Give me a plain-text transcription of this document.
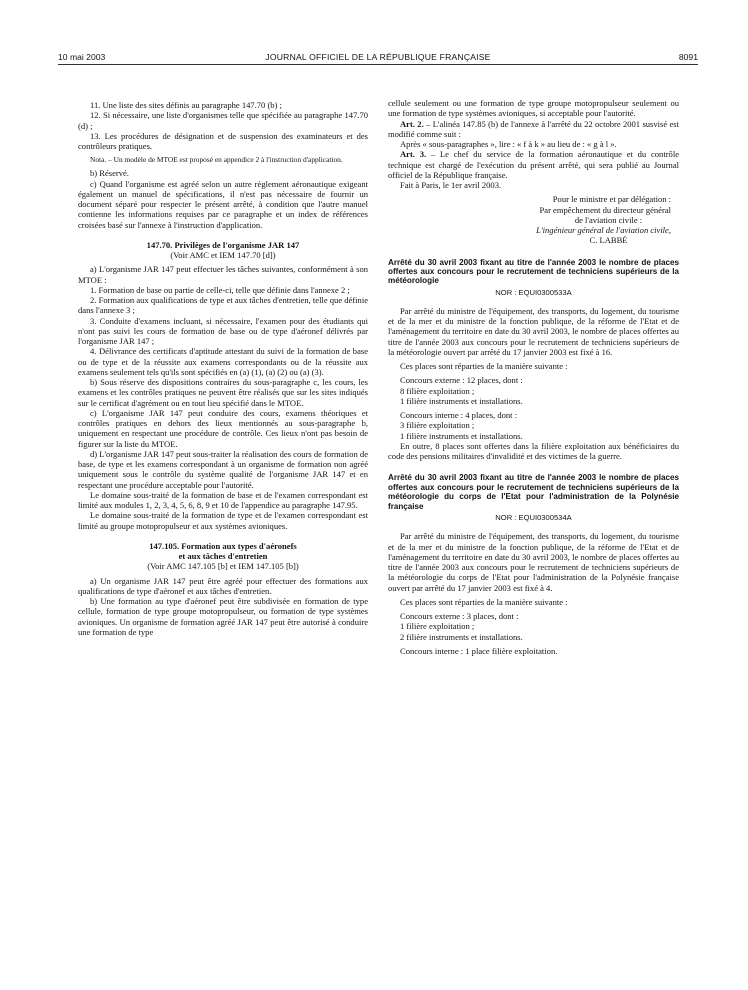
10 mai 2003	JOURNAL OFFICIEL DE LA RÉPUBLIQUE FRANÇAISE	8091

11. Une liste des sites définis au paragraphe 147.70 (b) ;

12. Si nécessaire, une liste d'organismes telle que spécifiée au paragraphe 147.70 (d) ;

13. Les procédures de désignation et de suspension des examinateurs et des contrôleurs pratiques.

Nota. – Un modèle de MTOE est proposé en appendice 2 à l'instruction d'application.

b) Réservé.

c) Quand l'organisme est agréé selon un autre règlement aéronautique exigeant également un manuel de spécifications, il n'est pas nécessaire de fournir un document séparé pour respecter le présent arrêté, à condition que l'autre manuel contienne les informations requises par ce paragraphe et un index de références croisées basé sur l'annexe à l'instruction d'application.

147.70. Privilèges de l'organisme JAR 147

(Voir AMC et IEM 147.70 [d])

a) L'organisme JAR 147 peut effectuer les tâches suivantes, conformément à son MTOE :

1. Formation de base ou partie de celle-ci, telle que définie dans l'annexe 2 ;

2. Formation aux qualifications de type et aux tâches d'entretien, telle que définie dans l'annexe 3 ;

3. Conduite d'examens incluant, si nécessaire, l'examen pour des étudiants qui n'ont pas suivi les cours de formation de base ou de type d'aéronef délivrés par l'organisme JAR 147 ;

4. Délivrance des certificats d'aptitude attestant du suivi de la formation de base ou de type et de la réussite aux examens correspondants ou de la réussite aux examens seulement tels qu'ils sont spécifiés en (a) (1), (a) (2) ou (a) (3).

b) Sous réserve des dispositions contraires du sous-paragraphe c, les cours, les examens et les contrôles pratiques ne peuvent être réalisés que sur les sites indiqués sur le certificat d'agrément ou en tout lieu spécifié dans le MTOE.

c) L'organisme JAR 147 peut conduire des cours, examens théoriques et contrôles pratiques en dehors des lieux mentionnés au sous-paragraphe b, uniquement en respectant une procédure de contrôle. Ces lieux n'ont pas besoin de figurer sur la liste du MTOE.

d) L'organisme JAR 147 peut sous-traiter la réalisation des cours de formation de base, de type et les examens correspondant à un organisme de formation non agréé uniquement sous le contrôle du système qualité de l'organisme JAR 147 et en respectant une procédure acceptable pour l'autorité.

Le domaine sous-traité de la formation de base et de l'examen correspondant est limité aux modules 1, 2, 3, 4, 5, 6, 8, 9 et 10 de l'appendice au paragraphe 147.95.

Le domaine sous-traité de la formation de type et de l'examen correspondant est limité au groupe motopropulseur et aux systèmes avioniques.

147.105. Formation aux types d'aéronefs

et aux tâches d'entretien

(Voir AMC 147.105 [b] et IEM 147.105 [b])

a) Un organisme JAR 147 peut être agréé pour effectuer des formations aux qualifications de type d'aéronef et aux tâches d'entretien.

b) Une formation au type d'aéronef peut être subdivisée en formation de type cellule, formation de type groupe motopropulseur, ou formation de type systèmes avioniques. Un organisme de formation agréé JAR 147 peut être autorisé à conduire une formation de type

cellule seulement ou une formation de type groupe motopropulseur seulement ou une formation de type systèmes avioniques, si acceptable pour l'autorité.

Art. 2. – L'alinéa 147.85 (b) de l'annexe à l'arrêté du 22 octobre 2001 susvisé est modifié comme suit :

Après « sous-paragraphes », lire : « f à k » au lieu de : « g à l ».

Art. 3. – Le chef du service de la formation aéronautique et du contrôle technique est chargé de l'exécution du présent arrêté, qui sera publié au Journal officiel de la République française.

Fait à Paris, le 1er avril 2003.

Pour le ministre et par délégation :

Par empêchement du directeur général

de l'aviation civile :

L'ingénieur général de l'aviation civile,

C. LABBÉ

Arrêté du 30 avril 2003 fixant au titre de l'année 2003 le nombre de places offertes aux concours pour le recrutement de techniciens supérieurs de la météorologie

NOR : EQUI0300533A

Par arrêté du ministre de l'équipement, des transports, du logement, du tourisme et de la mer et du ministre de la fonction publique, de la réforme de l'Etat et de l'aménagement du territoire en date du 30 avril 2003, le nombre de places offertes au titre de l'année 2003 aux concours pour le recrutement de techniciens supérieurs de la météorologie ouvert par arrêté du 17 janvier 2003 est fixé à 16.

Ces places sont réparties de la manière suivante :

Concours externe : 12 places, dont :

8 filière exploitation ;

1 filière instruments et installations.

Concours interne : 4 places, dont :

3 filière exploitation ;

1 filière instruments et installations.

En outre, 8 places sont offertes dans la filière exploitation aux bénéficiaires du code des pensions militaires d'invalidité et des victimes de la guerre.

Arrêté du 30 avril 2003 fixant au titre de l'année 2003 le nombre de places offertes aux concours pour le recrutement de techniciens supérieurs de la météorologie du corps de l'Etat pour l'administration de la Polynésie française

NOR : EQUI0300534A

Par arrêté du ministre de l'équipement, des transports, du logement, du tourisme et de la mer et du ministre de la fonction publique, de la réforme de l'Etat et de l'aménagement du territoire en date du 30 avril 2003, le nombre de places offertes au titre de l'année 2003 aux concours pour le recrutement de techniciens supérieurs de la météorologie du corps de l'Etat pour l'administration de la Polynésie française ouvert par arrêté du 17 janvier 2003 est fixé à 4.

Ces places sont réparties de la manière suivante :

Concours externe : 3 places, dont :

1 filière exploitation ;

2 filière instruments et installations.

Concours interne : 1 place filière exploitation.
